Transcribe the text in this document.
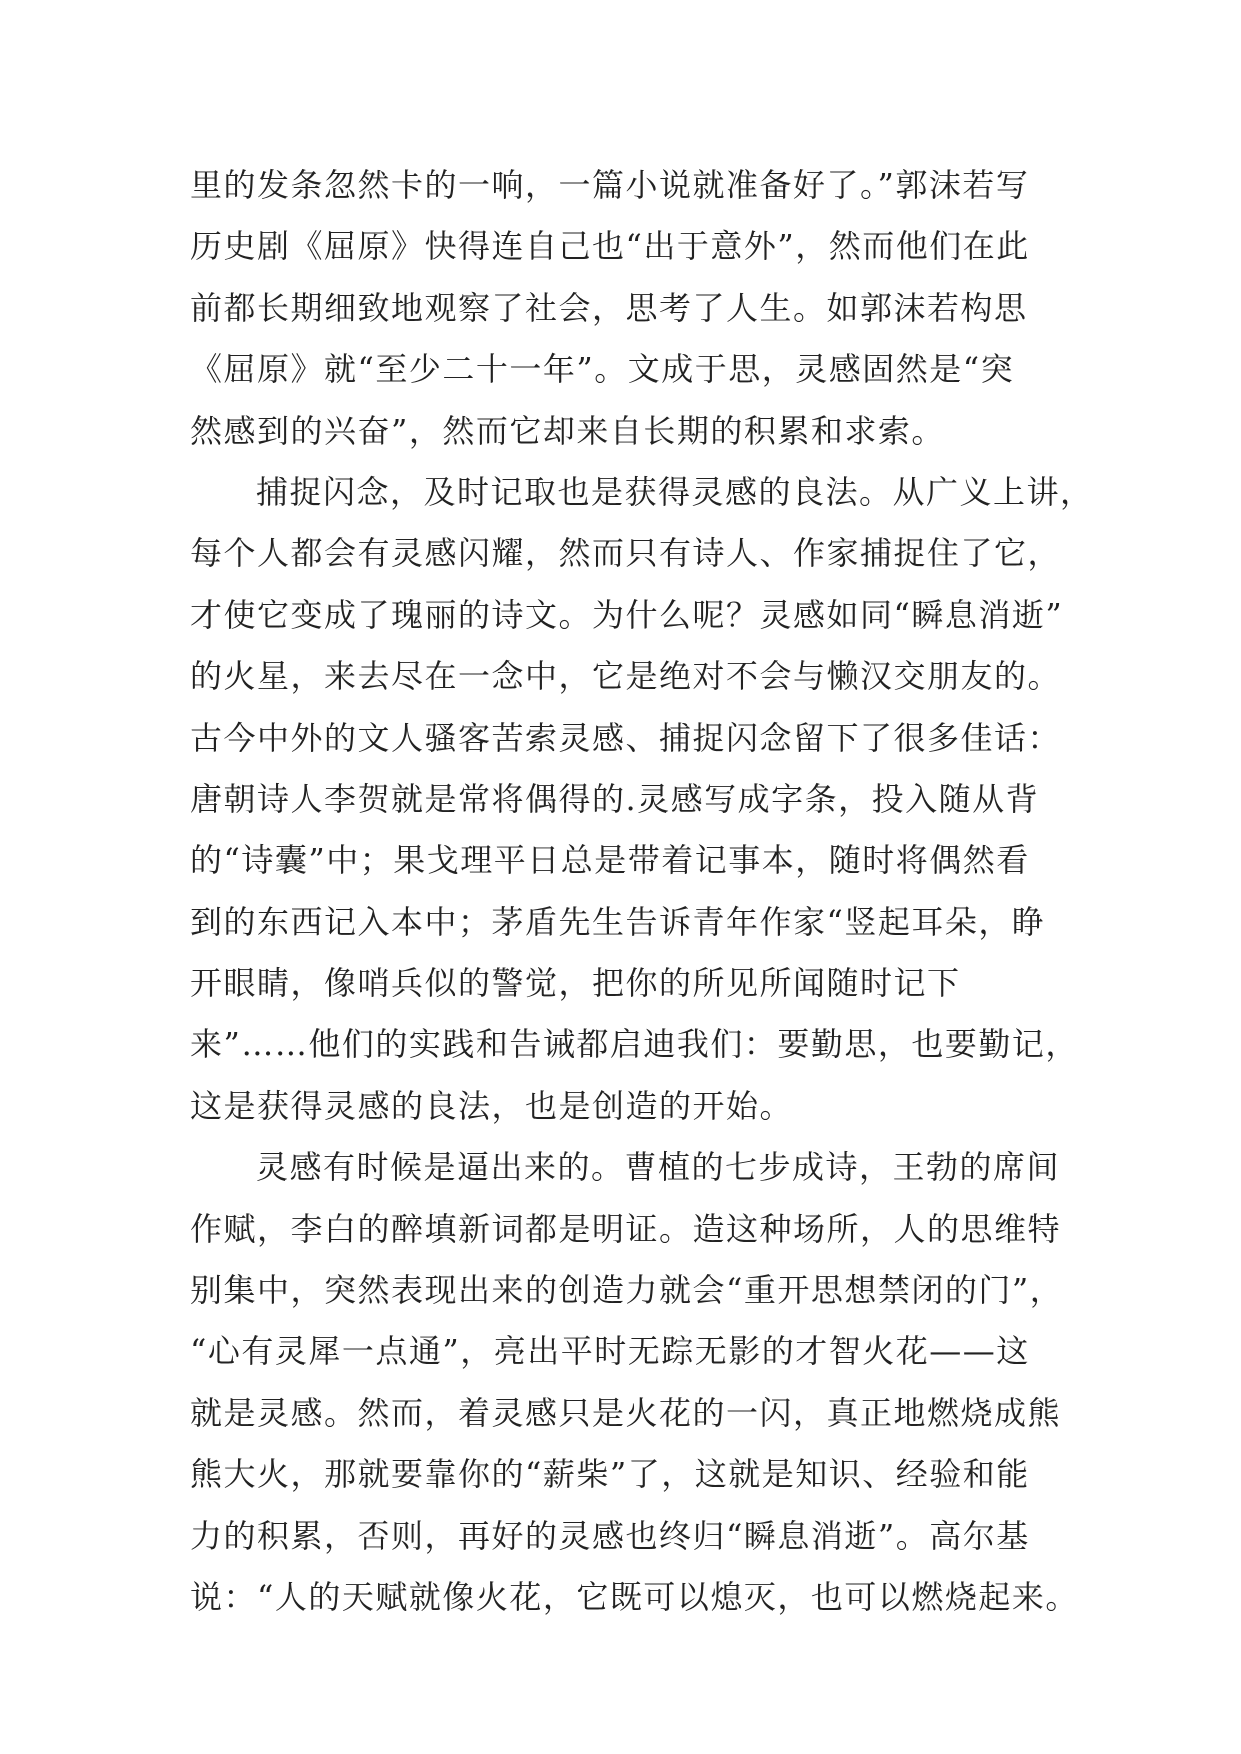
里的发条忽然卡的一响，一篇小说就准备好了。”郭沫若写
历史剧《屈原》快得连自己也“出于意外”，然而他们在此
前都长期细致地观察了社会，思考了人生。如郭沫若构思
《屈原》就“至少二十一年”。文成于思，灵感固然是“突
然感到的兴奋”，然而它却来自长期的积累和求索。
捕捉闪念，及时记取也是获得灵感的良法。从广义上讲，
每个人都会有灵感闪耀，然而只有诗人、作家捕捉住了它，
才使它变成了瑰丽的诗文。为什么呢？灵感如同“瞬息消逝”
的火星，来去尽在一念中，它是绝对不会与懒汉交朋友的。
古今中外的文人骚客苦索灵感、捕捉闪念留下了很多佳话：
唐朝诗人李贺就是常将偶得的.灵感写成字条，投入随从背
的“诗囊”中；果戈理平日总是带着记事本，随时将偶然看
到的东西记入本中；茅盾先生告诉青年作家“竖起耳朵，睁
开眼睛，像哨兵似的警觉，把你的所见所闻随时记下
来”……他们的实践和告诫都启迪我们：要勤思，也要勤记，
这是获得灵感的良法，也是创造的开始。
灵感有时候是逼出来的。曹植的七步成诗，王勃的席间
作赋，李白的醉填新词都是明证。造这种场所，人的思维特
别集中，突然表现出来的创造力就会“重开思想禁闭的门”，
“心有灵犀一点通”，亮出平时无踪无影的才智火花——这
就是灵感。然而，着灵感只是火花的一闪，真正地燃烧成熊
熊大火，那就要靠你的“薪柴”了，这就是知识、经验和能
力的积累，否则，再好的灵感也终归“瞬息消逝”。高尔基
说：“人的天赋就像火花，它既可以熄灭，也可以燃烧起来。
